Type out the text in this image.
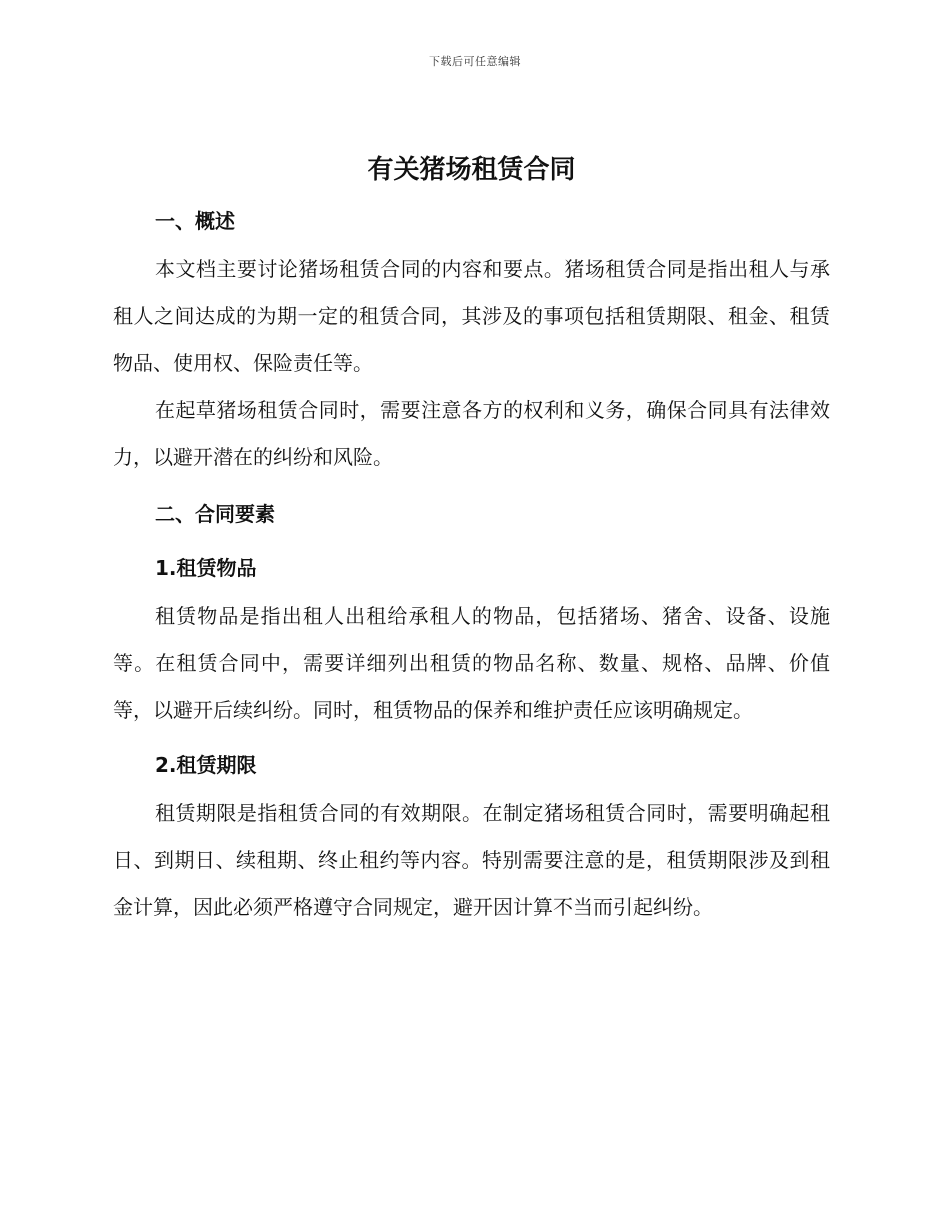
下载后可任意编辑
有关猪场租赁合同
一、概述

本文档主要讨论猪场租赁合同的内容和要点。猪场租赁合同是指出租人与承租人之间达成的为期一定的租赁合同，其涉及的事项包括租赁期限、租金、租赁物品、使用权、保险责任等。

在起草猪场租赁合同时，需要注意各方的权利和义务，确保合同具有法律效力，以避开潜在的纠纷和风险。

二、合同要素
1.租赁物品

租赁物品是指出租人出租给承租人的物品，包括猪场、猪舍、设备、设施等。在租赁合同中，需要详细列出租赁的物品名称、数量、规格、品牌、价值等，以避开后续纠纷。同时，租赁物品的保养和维护责任应该明确规定。

2.租赁期限

租赁期限是指租赁合同的有效期限。在制定猪场租赁合同时，需要明确起租日、到期日、续租期、终止租约等内容。特别需要注意的是，租赁期限涉及到租金计算，因此必须严格遵守合同规定，避开因计算不当而引起纠纷。
